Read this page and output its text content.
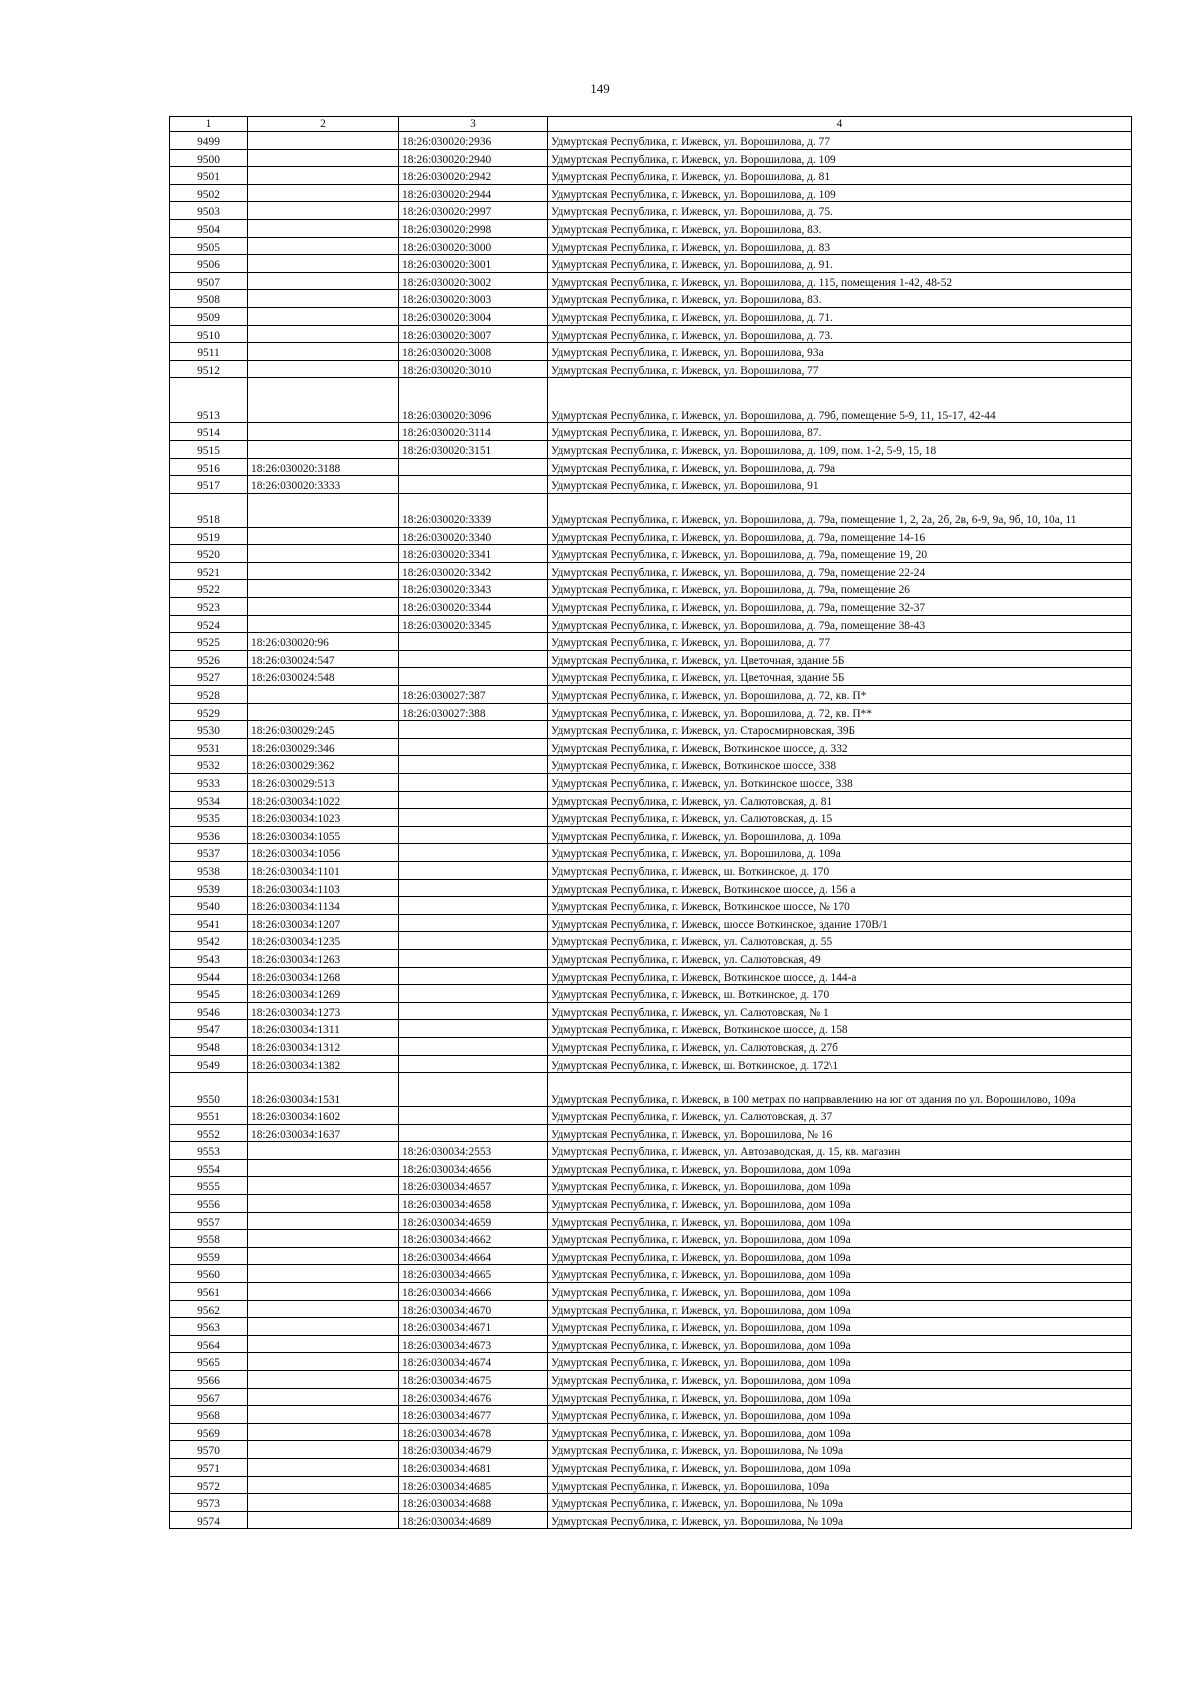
149
1	2	3	4
9499		18:26:030020:2936	Удмуртская Республика, г. Ижевск, ул. Ворошилова, д. 77
9500		18:26:030020:2940	Удмуртская Республика, г. Ижевск, ул. Ворошилова, д. 109
9501		18:26:030020:2942	Удмуртская Республика, г. Ижевск, ул. Ворошилова, д. 81
9502		18:26:030020:2944	Удмуртская Республика, г. Ижевск, ул. Ворошилова, д. 109
9503		18:26:030020:2997	Удмуртская Республика, г. Ижевск, ул. Ворошилова, д. 75.
9504		18:26:030020:2998	Удмуртская Республика, г. Ижевск, ул. Ворошилова, 83.
9505		18:26:030020:3000	Удмуртская Республика, г. Ижевск, ул. Ворошилова, д. 83
9506		18:26:030020:3001	Удмуртская Республика, г. Ижевск, ул. Ворошилова, д. 91.
9507		18:26:030020:3002	Удмуртская Республика, г. Ижевск, ул. Ворошилова, д. 115, помещения 1-42, 48-52
9508		18:26:030020:3003	Удмуртская Республика, г. Ижевск, ул. Ворошилова, 83.
9509		18:26:030020:3004	Удмуртская Республика, г. Ижевск, ул. Ворошилова, д. 71.
9510		18:26:030020:3007	Удмуртская Республика, г. Ижевск, ул. Ворошилова, д. 73.
9511		18:26:030020:3008	Удмуртская Республика, г. Ижевск, ул. Ворошилова, 93а
9512		18:26:030020:3010	Удмуртская Республика, г. Ижевск, ул. Ворошилова, 77
9513		18:26:030020:3096	Удмуртская Республика, г. Ижевск, ул. Ворошилова, д. 79б, помещение 5-9, 11, 15-17, 42-44
9514		18:26:030020:3114	Удмуртская Республика, г. Ижевск, ул. Ворошилова, 87.
9515		18:26:030020:3151	Удмуртская Республика, г. Ижевск, ул. Ворошилова, д. 109, пом. 1-2, 5-9, 15, 18
9516	18:26:030020:3188		Удмуртская Республика, г. Ижевск, ул. Ворошилова, д. 79а
9517	18:26:030020:3333		Удмуртская Республика, г. Ижевск, ул. Ворошилова, 91
9518		18:26:030020:3339	Удмуртская Республика, г. Ижевск, ул. Ворошилова, д. 79а, помещение 1, 2, 2а, 2б, 2в, 6-9, 9а, 9б, 10, 10а, 11
9519		18:26:030020:3340	Удмуртская Республика, г. Ижевск, ул. Ворошилова, д. 79а, помещение 14-16
9520		18:26:030020:3341	Удмуртская Республика, г. Ижевск, ул. Ворошилова, д. 79а, помещение 19, 20
9521		18:26:030020:3342	Удмуртская Республика, г. Ижевск, ул. Ворошилова, д. 79а, помещение 22-24
9522		18:26:030020:3343	Удмуртская Республика, г. Ижевск, ул. Ворошилова, д. 79а, помещение 26
9523		18:26:030020:3344	Удмуртская Республика, г. Ижевск, ул. Ворошилова, д. 79а, помещение 32-37
9524		18:26:030020:3345	Удмуртская Республика, г. Ижевск, ул. Ворошилова, д. 79а, помещение 38-43
9525	18:26:030020:96		Удмуртская Республика, г. Ижевск, ул. Ворошилова, д. 77
9526	18:26:030024:547		Удмуртская Республика, г. Ижевск, ул. Цветочная, здание 5Б
9527	18:26:030024:548		Удмуртская Республика, г. Ижевск, ул. Цветочная, здание 5Б
9528		18:26:030027:387	Удмуртская Республика, г. Ижевск, ул. Ворошилова, д. 72, кв. П*
9529		18:26:030027:388	Удмуртская Республика, г. Ижевск, ул. Ворошилова, д. 72, кв. П**
9530	18:26:030029:245		Удмуртская Республика, г. Ижевск, ул. Старосмирновская, 39Б
9531	18:26:030029:346		Удмуртская Республика, г. Ижевск, Воткинское шоссе, д. 332
9532	18:26:030029:362		Удмуртская Республика, г. Ижевск, Воткинское шоссе, 338
9533	18:26:030029:513		Удмуртская Республика, г. Ижевск, ул. Воткинское шоссе, 338
9534	18:26:030034:1022		Удмуртская Республика, г. Ижевск, ул. Салютовская, д. 81
9535	18:26:030034:1023		Удмуртская Республика, г. Ижевск, ул. Салютовская, д. 15
9536	18:26:030034:1055		Удмуртская Республика, г. Ижевск, ул. Ворошилова, д. 109а
9537	18:26:030034:1056		Удмуртская Республика, г. Ижевск, ул. Ворошилова, д. 109а
9538	18:26:030034:1101		Удмуртская Республика, г. Ижевск, ш. Воткинское, д. 170
9539	18:26:030034:1103		Удмуртская Республика, г. Ижевск, Воткинское шоссе, д. 156 а
9540	18:26:030034:1134		Удмуртская Республика, г. Ижевск, Воткинское шоссе, № 170
9541	18:26:030034:1207		Удмуртская Республика, г. Ижевск, шоссе Воткинское, здание 170В/1
9542	18:26:030034:1235		Удмуртская Республика, г. Ижевск, ул. Салютовская, д. 55
9543	18:26:030034:1263		Удмуртская Республика, г. Ижевск, ул. Салютовская, 49
9544	18:26:030034:1268		Удмуртская Республика, г. Ижевск, Воткинское шоссе, д. 144-а
9545	18:26:030034:1269		Удмуртская Республика, г. Ижевск, ш. Воткинское, д. 170
9546	18:26:030034:1273		Удмуртская Республика, г. Ижевск, ул. Салютовская, № 1
9547	18:26:030034:1311		Удмуртская Республика, г. Ижевск, Воткинское шоссе, д. 158
9548	18:26:030034:1312		Удмуртская Республика, г. Ижевск, ул. Салютовская, д. 27б
9549	18:26:030034:1382		Удмуртская Республика, г. Ижевск, ш. Воткинское, д. 172\1
9550	18:26:030034:1531		Удмуртская Республика, г. Ижевск, в 100 метрах по напрвавлению на юг от здания по ул. Ворошилово, 109а
9551	18:26:030034:1602		Удмуртская Республика, г. Ижевск, ул. Салютовская, д. 37
9552	18:26:030034:1637		Удмуртская Республика, г. Ижевск, ул. Ворошилова, № 16
9553		18:26:030034:2553	Удмуртская Республика, г. Ижевск, ул. Автозаводская, д. 15, кв. магазин
9554		18:26:030034:4656	Удмуртская Республика, г. Ижевск, ул. Ворошилова, дом 109а
9555		18:26:030034:4657	Удмуртская Республика, г. Ижевск, ул. Ворошилова, дом 109а
9556		18:26:030034:4658	Удмуртская Республика, г. Ижевск, ул. Ворошилова, дом 109а
9557		18:26:030034:4659	Удмуртская Республика, г. Ижевск, ул. Ворошилова, дом 109а
9558		18:26:030034:4662	Удмуртская Республика, г. Ижевск, ул. Ворошилова, дом 109а
9559		18:26:030034:4664	Удмуртская Республика, г. Ижевск, ул. Ворошилова, дом 109а
9560		18:26:030034:4665	Удмуртская Республика, г. Ижевск, ул. Ворошилова, дом 109а
9561		18:26:030034:4666	Удмуртская Республика, г. Ижевск, ул. Ворошилова, дом 109а
9562		18:26:030034:4670	Удмуртская Республика, г. Ижевск, ул. Ворошилова, дом 109а
9563		18:26:030034:4671	Удмуртская Республика, г. Ижевск, ул. Ворошилова, дом 109а
9564		18:26:030034:4673	Удмуртская Республика, г. Ижевск, ул. Ворошилова, дом 109а
9565		18:26:030034:4674	Удмуртская Республика, г. Ижевск, ул. Ворошилова, дом 109а
9566		18:26:030034:4675	Удмуртская Республика, г. Ижевск, ул. Ворошилова, дом 109а
9567		18:26:030034:4676	Удмуртская Республика, г. Ижевск, ул. Ворошилова, дом 109а
9568		18:26:030034:4677	Удмуртская Республика, г. Ижевск, ул. Ворошилова, дом 109а
9569		18:26:030034:4678	Удмуртская Республика, г. Ижевск, ул. Ворошилова, дом 109а
9570		18:26:030034:4679	Удмуртская Республика, г. Ижевск, ул. Ворошилова, № 109а
9571		18:26:030034:4681	Удмуртская Республика, г. Ижевск, ул. Ворошилова, дом 109а
9572		18:26:030034:4685	Удмуртская Республика, г. Ижевск, ул. Ворошилова, 109а
9573		18:26:030034:4688	Удмуртская Республика, г. Ижевск, ул. Ворошилова, № 109а
9574		18:26:030034:4689	Удмуртская Республика, г. Ижевск, ул. Ворошилова, № 109а
